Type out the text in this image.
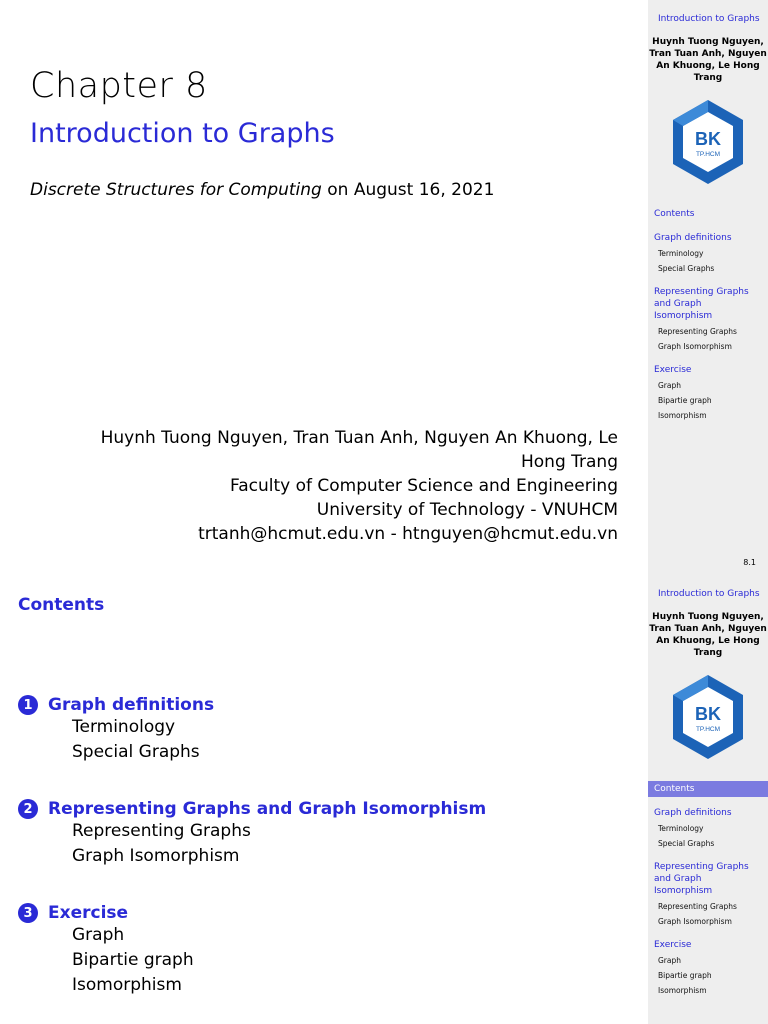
Chapter 8
Introduction to Graphs
Discrete Structures for Computing on August 16, 2021
Huynh Tuong Nguyen, Tran Tuan Anh, Nguyen An Khuong, Le
Hong Trang
Faculty of Computer Science and Engineering
University of Technology - VNUHCM
trtanh@hcmut.edu.vn - htnguyen@hcmut.edu.vn
Introduction to Graphs
Huynh Tuong Nguyen,
Tran Tuan Anh, Nguyen
An Khuong, Le Hong
Trang
BK
TP.HCM
Contents
Graph definitions
Terminology
Special Graphs
Representing Graphs and Graph Isomorphism
Representing Graphs
Graph Isomorphism
Exercise
Graph
Bipartie graph
Isomorphism
8.1
Contents
1 Graph definitions
Terminology
Special Graphs
2 Representing Graphs and Graph Isomorphism
Representing Graphs
Graph Isomorphism
3 Exercise
Graph
Bipartie graph
Isomorphism
Introduction to Graphs
Huynh Tuong Nguyen,
Tran Tuan Anh, Nguyen
An Khuong, Le Hong
Trang
BK
TP.HCM
Contents
Graph definitions
Terminology
Special Graphs
Representing Graphs and Graph Isomorphism
Representing Graphs
Graph Isomorphism
Exercise
Graph
Bipartie graph
Isomorphism
